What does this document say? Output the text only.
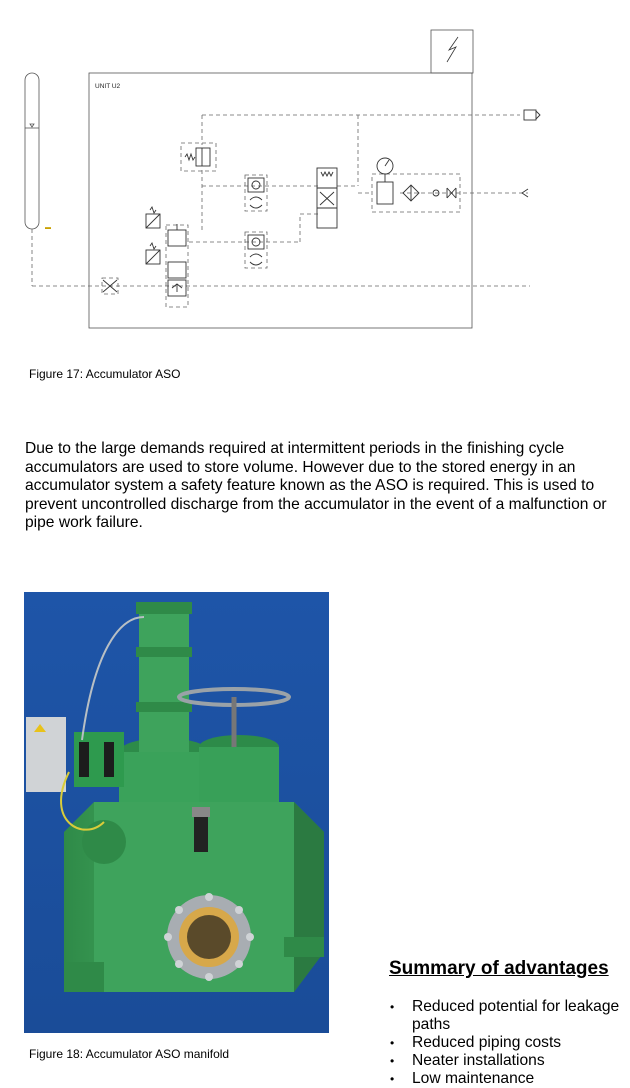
▬
UNIT U2
Figure 17: Accumulator ASO

Due to the large demands required at intermittent periods in the finishing cycle accumulators are used to store volume. However due to the stored energy in an accumulator system a safety feature known as the ASO is required. This is used to prevent uncontrolled discharge from the accumulator in the event of a malfunction or pipe work failure.

Figure 18: Accumulator ASO manifold
Summary of advantages
• Reduced potential for leakage paths
• Reduced piping costs
• Neater installations
• Low maintenance
